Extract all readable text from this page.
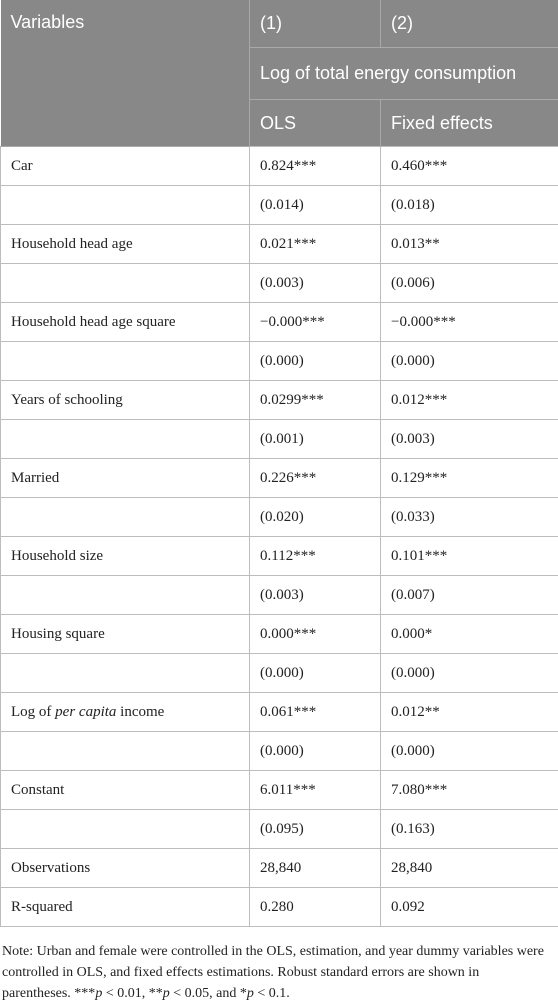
Variables	(1)	(2)
	Log of total energy consumption	
	OLS	Fixed effects
Car	0.824***	0.460***
	(0.014)	(0.018)
Household head age	0.021***	0.013**
	(0.003)	(0.006)
Household head age square	−0.000***	−0.000***
	(0.000)	(0.000)
Years of schooling	0.0299***	0.012***
	(0.001)	(0.003)
Married	0.226***	0.129***
	(0.020)	(0.033)
Household size	0.112***	0.101***
	(0.003)	(0.007)
Housing square	0.000***	0.000*
	(0.000)	(0.000)
Log of per capita income	0.061***	0.012**
	(0.000)	(0.000)
Constant	6.011***	7.080***
	(0.095)	(0.163)
Observations	28,840	28,840
R-squared	0.280	0.092

Note: Urban and female were controlled in the OLS, estimation, and year dummy variables were controlled in OLS, and fixed effects estimations. Robust standard errors are shown in parentheses. ***p < 0.01, **p < 0.05, and *p < 0.1.
